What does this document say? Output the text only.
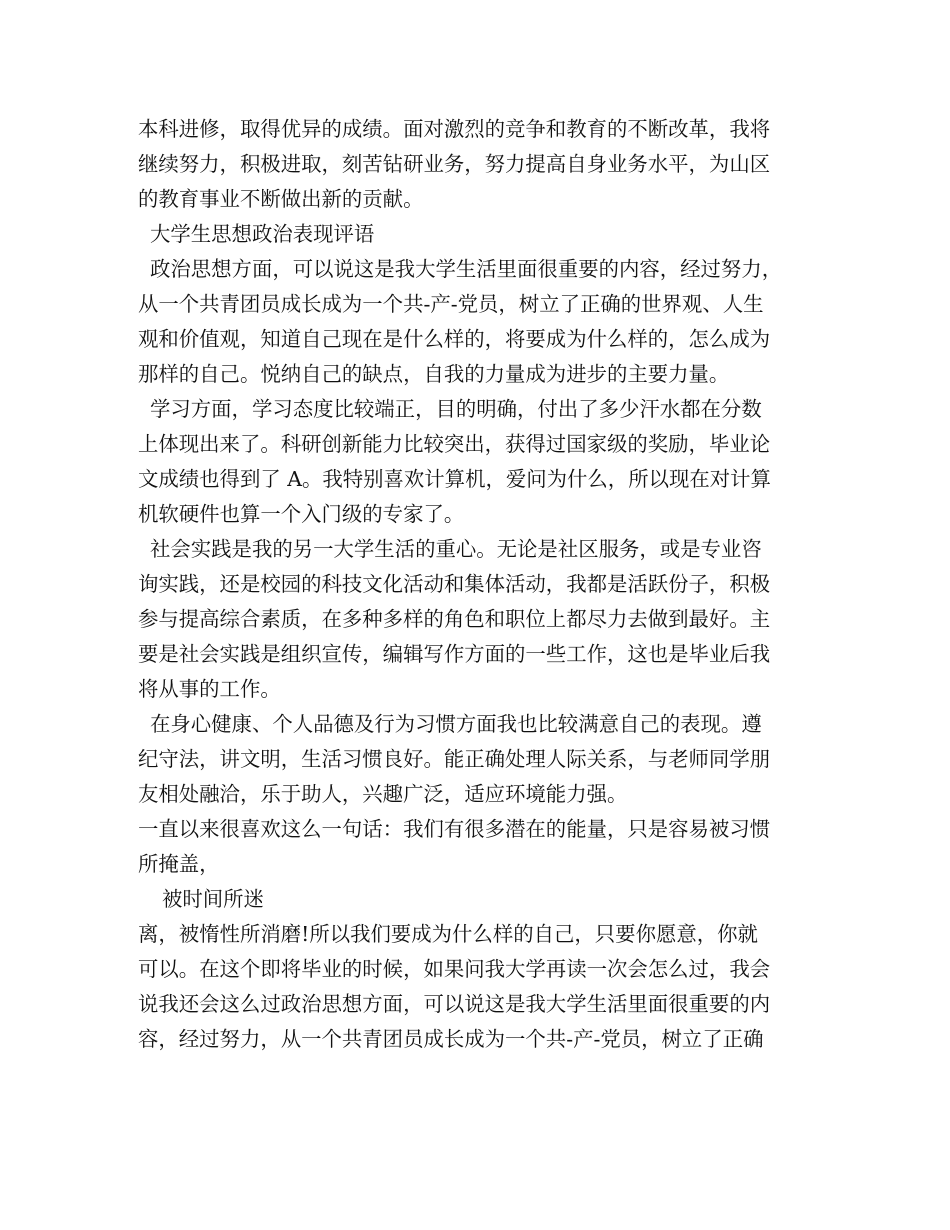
本科进修，取得优异的成绩。面对激烈的竞争和教育的不断改革，我将
继续努力，积极进取，刻苦钻研业务，努力提高自身业务水平，为山区
的教育事业不断做出新的贡献。
大学生思想政治表现评语
政治思想方面，可以说这是我大学生活里面很重要的内容，经过努力，
从一个共青团员成长成为一个共-产-党员，树立了正确的世界观、人生
观和价值观，知道自己现在是什么样的，将要成为什么样的，怎么成为
那样的自己。悦纳自己的缺点，自我的力量成为进步的主要力量。
学习方面，学习态度比较端正，目的明确，付出了多少汗水都在分数
上体现出来了。科研创新能力比较突出，获得过国家级的奖励，毕业论
文成绩也得到了 A。我特别喜欢计算机，爱问为什么，所以现在对计算
机软硬件也算一个入门级的专家了。
社会实践是我的另一大学生活的重心。无论是社区服务，或是专业咨
询实践，还是校园的科技文化活动和集体活动，我都是活跃份子，积极
参与提高综合素质，在多种多样的角色和职位上都尽力去做到最好。主
要是社会实践是组织宣传，编辑写作方面的一些工作，这也是毕业后我
将从事的工作。
在身心健康、个人品德及行为习惯方面我也比较满意自己的表现。遵
纪守法，讲文明，生活习惯良好。能正确处理人际关系，与老师同学朋
友相处融洽，乐于助人，兴趣广泛，适应环境能力强。
一直以来很喜欢这么一句话：我们有很多潜在的能量，只是容易被习惯
所掩盖，
被时间所迷
离，被惰性所消磨!所以我们要成为什么样的自己，只要你愿意，你就
可以。在这个即将毕业的时候，如果问我大学再读一次会怎么过，我会
说我还会这么过政治思想方面，可以说这是我大学生活里面很重要的内
容，经过努力，从一个共青团员成长成为一个共-产-党员，树立了正确
